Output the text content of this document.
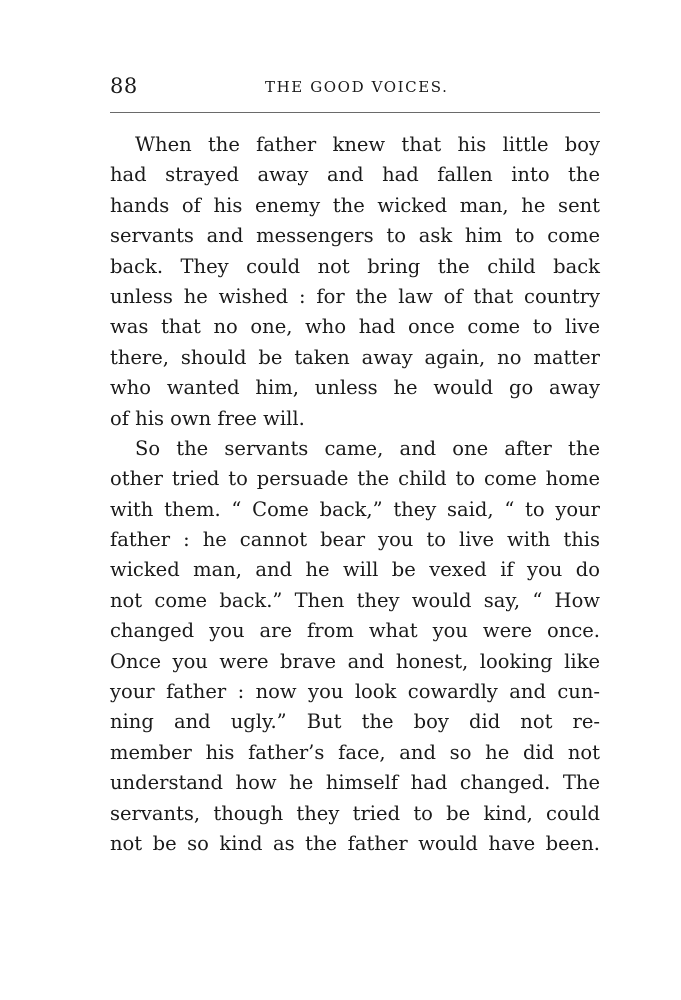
88	THE GOOD VOICES.
When the father knew that his little boy
had strayed away and had fallen into the
hands of his enemy the wicked man, he sent
servants and messengers to ask him to come
back. They could not bring the child back
unless he wished : for the law of that country
was that no one, who had once come to live
there, should be taken away again, no matter
who wanted him, unless he would go away
of his own free will.
So the servants came, and one after the
other tried to persuade the child to come home
with them. “ Come back,” they said, “ to your
father : he cannot bear you to live with this
wicked man, and he will be vexed if you do
not come back.” Then they would say, “ How
changed you are from what you were once.
Once you were brave and honest, looking like
your father : now you look cowardly and cun-
ning and ugly.” But the boy did not re-
member his father’s face, and so he did not
understand how he himself had changed. The
servants, though they tried to be kind, could
not be so kind as the father would have been.
